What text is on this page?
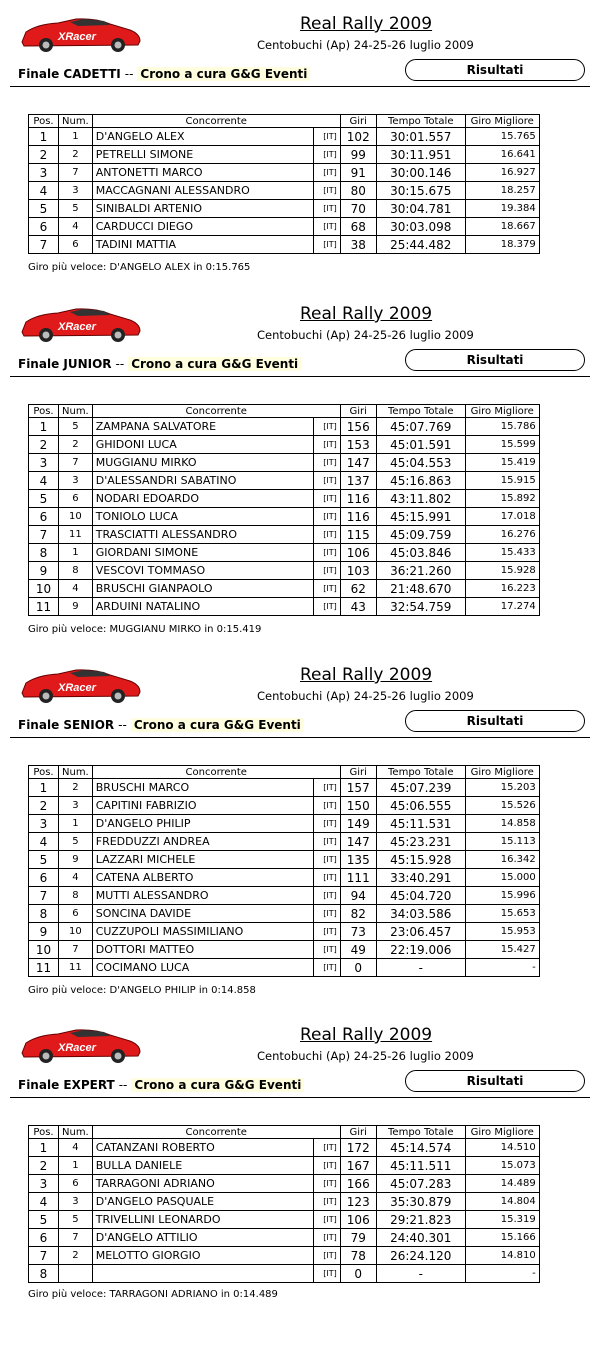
XRacer
Real Rally 2009
Centobuchi (Ap) 24-25-26 luglio 2009
Finale CADETTI -- Crono a cura G&G Eventi	Risultati
Pos.	Num.	Concorrente		Giri	Tempo Totale	Giro Migliore
1	1	D'ANGELO ALEX	[IT]	102	30:01.557	15.765
2	2	PETRELLI SIMONE	[IT]	99	30:11.951	16.641
3	7	ANTONETTI MARCO	[IT]	91	30:00.146	16.927
4	3	MACCAGNANI ALESSANDRO	[IT]	80	30:15.675	18.257
5	5	SINIBALDI ARTENIO	[IT]	70	30:04.781	19.384
6	4	CARDUCCI DIEGO	[IT]	68	30:03.098	18.667
7	6	TADINI MATTIA	[IT]	38	25:44.482	18.379
Giro più veloce: D'ANGELO ALEX in 0:15.765
XRacer
Real Rally 2009
Centobuchi (Ap) 24-25-26 luglio 2009
Finale JUNIOR -- Crono a cura G&G Eventi	Risultati
Pos.	Num.	Concorrente		Giri	Tempo Totale	Giro Migliore
1	5	ZAMPANA SALVATORE	[IT]	156	45:07.769	15.786
2	2	GHIDONI LUCA	[IT]	153	45:01.591	15.599
3	7	MUGGIANU MIRKO	[IT]	147	45:04.553	15.419
4	3	D'ALESSANDRI SABATINO	[IT]	137	45:16.863	15.915
5	6	NODARI EDOARDO	[IT]	116	43:11.802	15.892
6	10	TONIOLO LUCA	[IT]	116	45:15.991	17.018
7	11	TRASCIATTI ALESSANDRO	[IT]	115	45:09.759	16.276
8	1	GIORDANI SIMONE	[IT]	106	45:03.846	15.433
9	8	VESCOVI TOMMASO	[IT]	103	36:21.260	15.928
10	4	BRUSCHI GIANPAOLO	[IT]	62	21:48.670	16.223
11	9	ARDUINI NATALINO	[IT]	43	32:54.759	17.274
Giro più veloce: MUGGIANU MIRKO in 0:15.419
XRacer
Real Rally 2009
Centobuchi (Ap) 24-25-26 luglio 2009
Finale SENIOR -- Crono a cura G&G Eventi	Risultati
Pos.	Num.	Concorrente		Giri	Tempo Totale	Giro Migliore
1	2	BRUSCHI MARCO	[IT]	157	45:07.239	15.203
2	3	CAPITINI FABRIZIO	[IT]	150	45:06.555	15.526
3	1	D'ANGELO PHILIP	[IT]	149	45:11.531	14.858
4	5	FREDDUZZI ANDREA	[IT]	147	45:23.231	15.113
5	9	LAZZARI MICHELE	[IT]	135	45:15.928	16.342
6	4	CATENA ALBERTO	[IT]	111	33:40.291	15.000
7	8	MUTTI ALESSANDRO	[IT]	94	45:04.720	15.996
8	6	SONCINA DAVIDE	[IT]	82	34:03.586	15.653
9	10	CUZZUPOLI MASSIMILIANO	[IT]	73	23:06.457	15.953
10	7	DOTTORI MATTEO	[IT]	49	22:19.006	15.427
11	11	COCIMANO LUCA	[IT]	0	-	-
Giro più veloce: D'ANGELO PHILIP in 0:14.858
XRacer
Real Rally 2009
Centobuchi (Ap) 24-25-26 luglio 2009
Finale EXPERT -- Crono a cura G&G Eventi	Risultati
Pos.	Num.	Concorrente		Giri	Tempo Totale	Giro Migliore
1	4	CATANZANI ROBERTO	[IT]	172	45:14.574	14.510
2	1	BULLA DANIELE	[IT]	167	45:11.511	15.073
3	6	TARRAGONI ADRIANO	[IT]	166	45:07.283	14.489
4	3	D'ANGELO PASQUALE	[IT]	123	35:30.879	14.804
5	5	TRIVELLINI LEONARDO	[IT]	106	29:21.823	15.319
6	7	D'ANGELO ATTILIO	[IT]	79	24:40.301	15.166
7	2	MELOTTO GIORGIO	[IT]	78	26:24.120	14.810
8			[IT]	0	-	-
Giro più veloce: TARRAGONI ADRIANO in 0:14.489
